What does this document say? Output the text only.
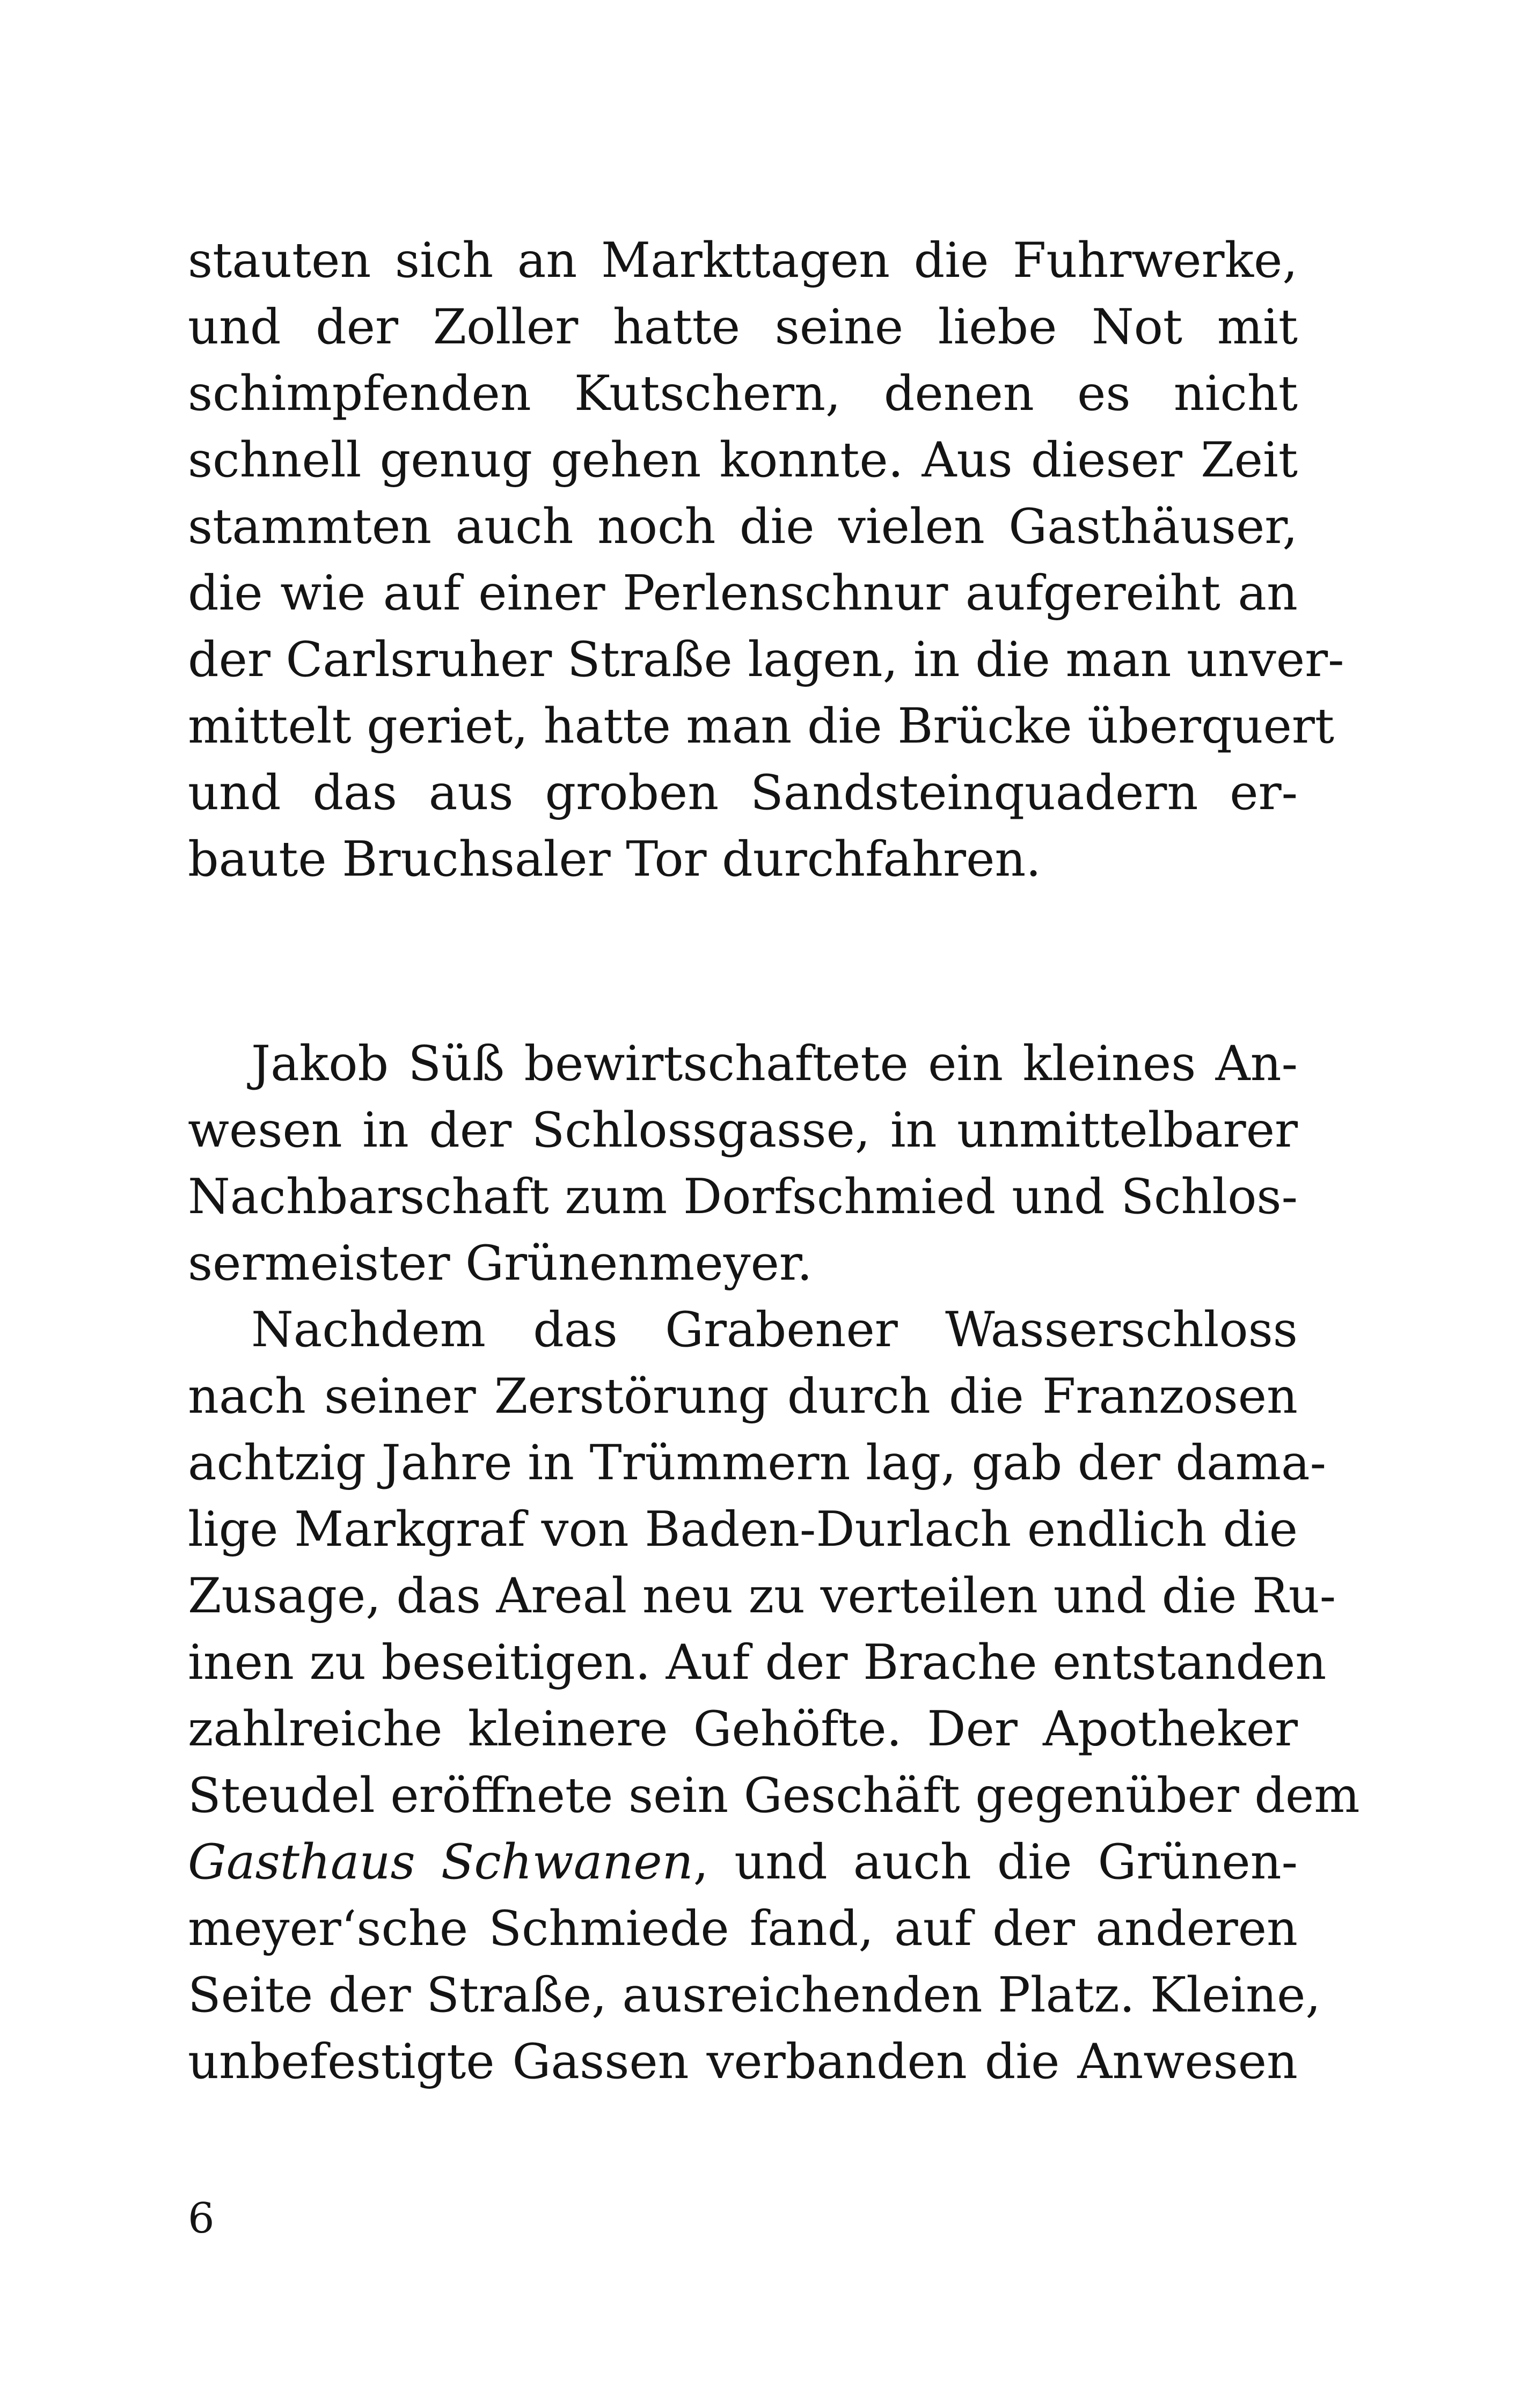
stauten sich an Markttagen die Fuhrwerke,
und der Zoller hatte seine liebe Not mit
schimpfenden Kutschern, denen es nicht
schnell genug gehen konnte. Aus dieser Zeit
stammten auch noch die vielen Gasthäuser,
die wie auf einer Perlenschnur aufgereiht an
der Carlsruher Straße lagen, in die man unver-
mittelt geriet, hatte man die Brücke überquert
und das aus groben Sandsteinquadern er-
baute Bruchsaler Tor durchfahren.
Jakob Süß bewirtschaftete ein kleines An-
wesen in der Schlossgasse, in unmittelbarer
Nachbarschaft zum Dorfschmied und Schlos-
sermeister Grünenmeyer.
Nachdem das Grabener Wasserschloss
nach seiner Zerstörung durch die Franzosen
achtzig Jahre in Trümmern lag, gab der dama-
lige Markgraf von Baden-Durlach endlich die
Zusage, das Areal neu zu verteilen und die Ru-
inen zu beseitigen. Auf der Brache entstanden
zahlreiche kleinere Gehöfte. Der Apotheker
Steudel eröffnete sein Geschäft gegenüber dem
Gasthaus Schwanen, und auch die Grünen-
meyer‘sche Schmiede fand, auf der anderen
Seite der Straße, ausreichenden Platz. Kleine,
unbefestigte Gassen verbanden die Anwesen
6
